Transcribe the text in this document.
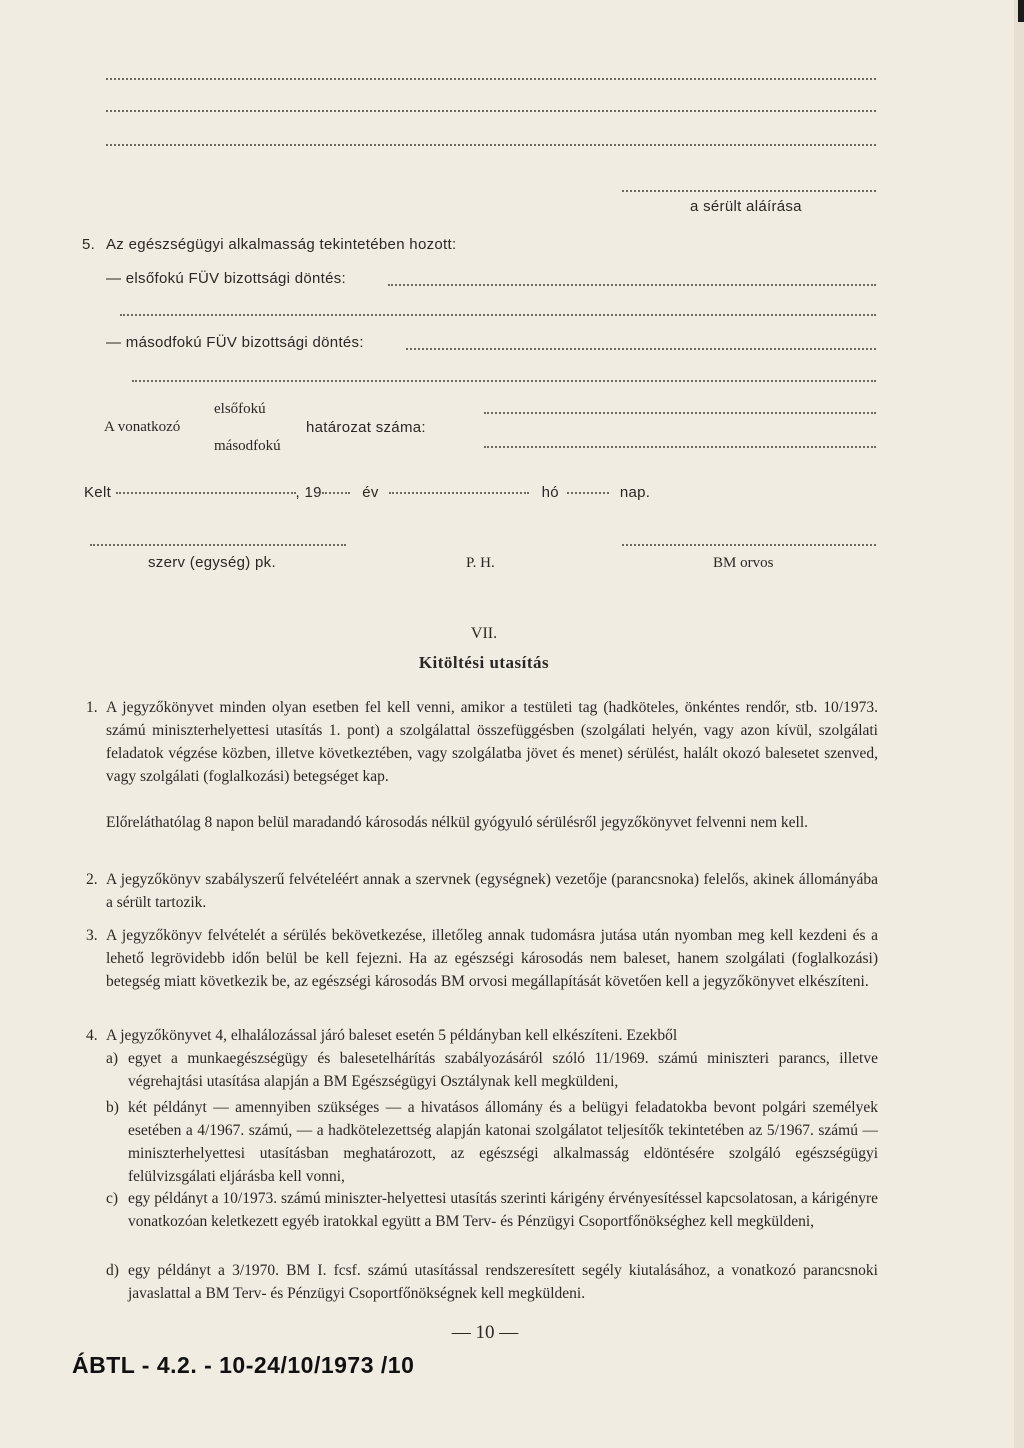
a sérült aláírása
5. Az egészségügyi alkalmasság tekintetében hozott:
— elsőfokú FÜV bizottsági döntés:
— másodfokú FÜV bizottsági döntés:
A vonatkozó
elsőfokú
határozat száma:
másodfokú
Kelt	, 19	év	hó	nap.
szerv (egység) pk.	P. H.	BM orvos
VII.
Kitöltési utasítás
1. A jegyzőkönyvet minden olyan esetben fel kell venni, amikor a testületi tag (hadköteles, önkéntes rendőr, stb. 10/1973. számú miniszterhelyettesi utasítás 1. pont) a szolgálattal összefüggésben (szolgálati helyén, vagy azon kívül, szolgálati feladatok végzése közben, illetve következtében, vagy szolgálatba jövet és menet) sérülést, halált okozó balesetet szenved, vagy szolgálati (foglalkozási) betegséget kap.
Előreláthatólag 8 napon belül maradandó károsodás nélkül gyógyuló sérülésről jegyzőkönyvet felvenni nem kell.
2. A jegyzőkönyv szabályszerű felvételéért annak a szervnek (egységnek) vezetője (parancsnoka) felelős, akinek állományába a sérült tartozik.
3. A jegyzőkönyv felvételét a sérülés bekövetkezése, illetőleg annak tudomásra jutása után nyomban meg kell kezdeni és a lehető legrövidebb időn belül be kell fejezni. Ha az egészségi károsodás nem baleset, hanem szolgálati (foglalkozási) betegség miatt következik be, az egészségi károsodás BM orvosi megállapítását követően kell a jegyzőkönyvet elkészíteni.
4. A jegyzőkönyvet 4, elhalálozással járó baleset esetén 5 példányban kell elkészíteni. Ezekből
a) egyet a munkaegészségügy és balesetelhárítás szabályozásáról szóló 11/1969. számú miniszteri parancs, illetve végrehajtási utasítása alapján a BM Egészségügyi Osztálynak kell megküldeni,
b) két példányt — amennyiben szükséges — a hivatásos állomány és a belügyi feladatokba bevont polgári személyek esetében a 4/1967. számú, — a hadkötelezettség alapján katonai szolgálatot teljesítők tekintetében az 5/1967. számú — miniszterhelyettesi utasításban meghatározott, az egészségi alkalmasság eldöntésére szolgáló egészségügyi felülvizsgálati eljárásba kell vonni,
c) egy példányt a 10/1973. számú miniszter-helyettesi utasítás szerinti kárigény érvényesítéssel kapcsolatosan, a kárigényre vonatkozóan keletkezett egyéb iratokkal együtt a BM Terv- és Pénzügyi Csoportfőnökséghez kell megküldeni,
d) egy példányt a 3/1970. BM I. fcsf. számú utasítással rendszeresített segély kiutalásához, a vonatkozó parancsnoki javaslattal a BM Terv- és Pénzügyi Csoportfőnökségnek kell megküldeni.
— 10 —
ÁBTL - 4.2. - 10-24/10/1973 /10
